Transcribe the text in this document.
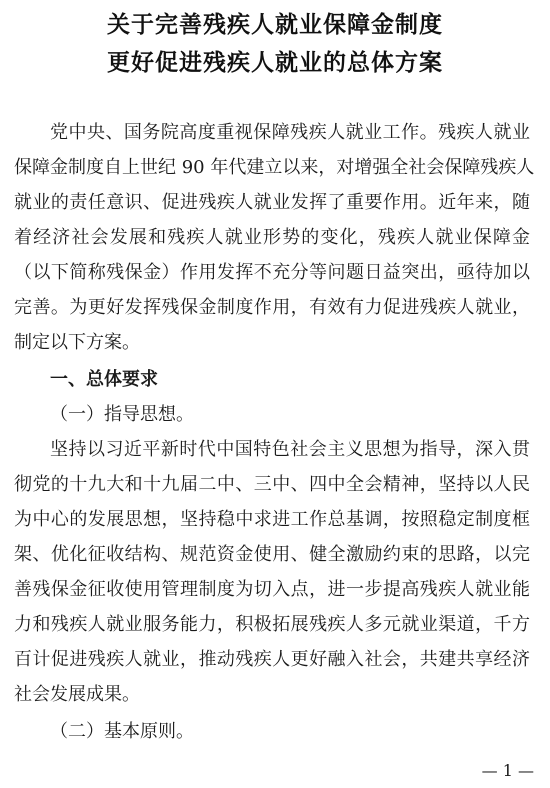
关于完善残疾人就业保障金制度
更好促进残疾人就业的总体方案
党中央、国务院高度重视保障残疾人就业工作。残疾人就业
保障金制度自上世纪 90 年代建立以来，对增强全社会保障残疾人
就业的责任意识、促进残疾人就业发挥了重要作用。近年来，随
着经济社会发展和残疾人就业形势的变化，残疾人就业保障金
（以下简称残保金）作用发挥不充分等问题日益突出，亟待加以
完善。为更好发挥残保金制度作用，有效有力促进残疾人就业，
制定以下方案。
一、总体要求
（一）指导思想。
坚持以习近平新时代中国特色社会主义思想为指导，深入贯
彻党的十九大和十九届二中、三中、四中全会精神，坚持以人民
为中心的发展思想，坚持稳中求进工作总基调，按照稳定制度框
架、优化征收结构、规范资金使用、健全激励约束的思路，以完
善残保金征收使用管理制度为切入点，进一步提高残疾人就业能
力和残疾人就业服务能力，积极拓展残疾人多元就业渠道，千方
百计促进残疾人就业，推动残疾人更好融入社会，共建共享经济
社会发展成果。
（二）基本原则。
— 1 —
